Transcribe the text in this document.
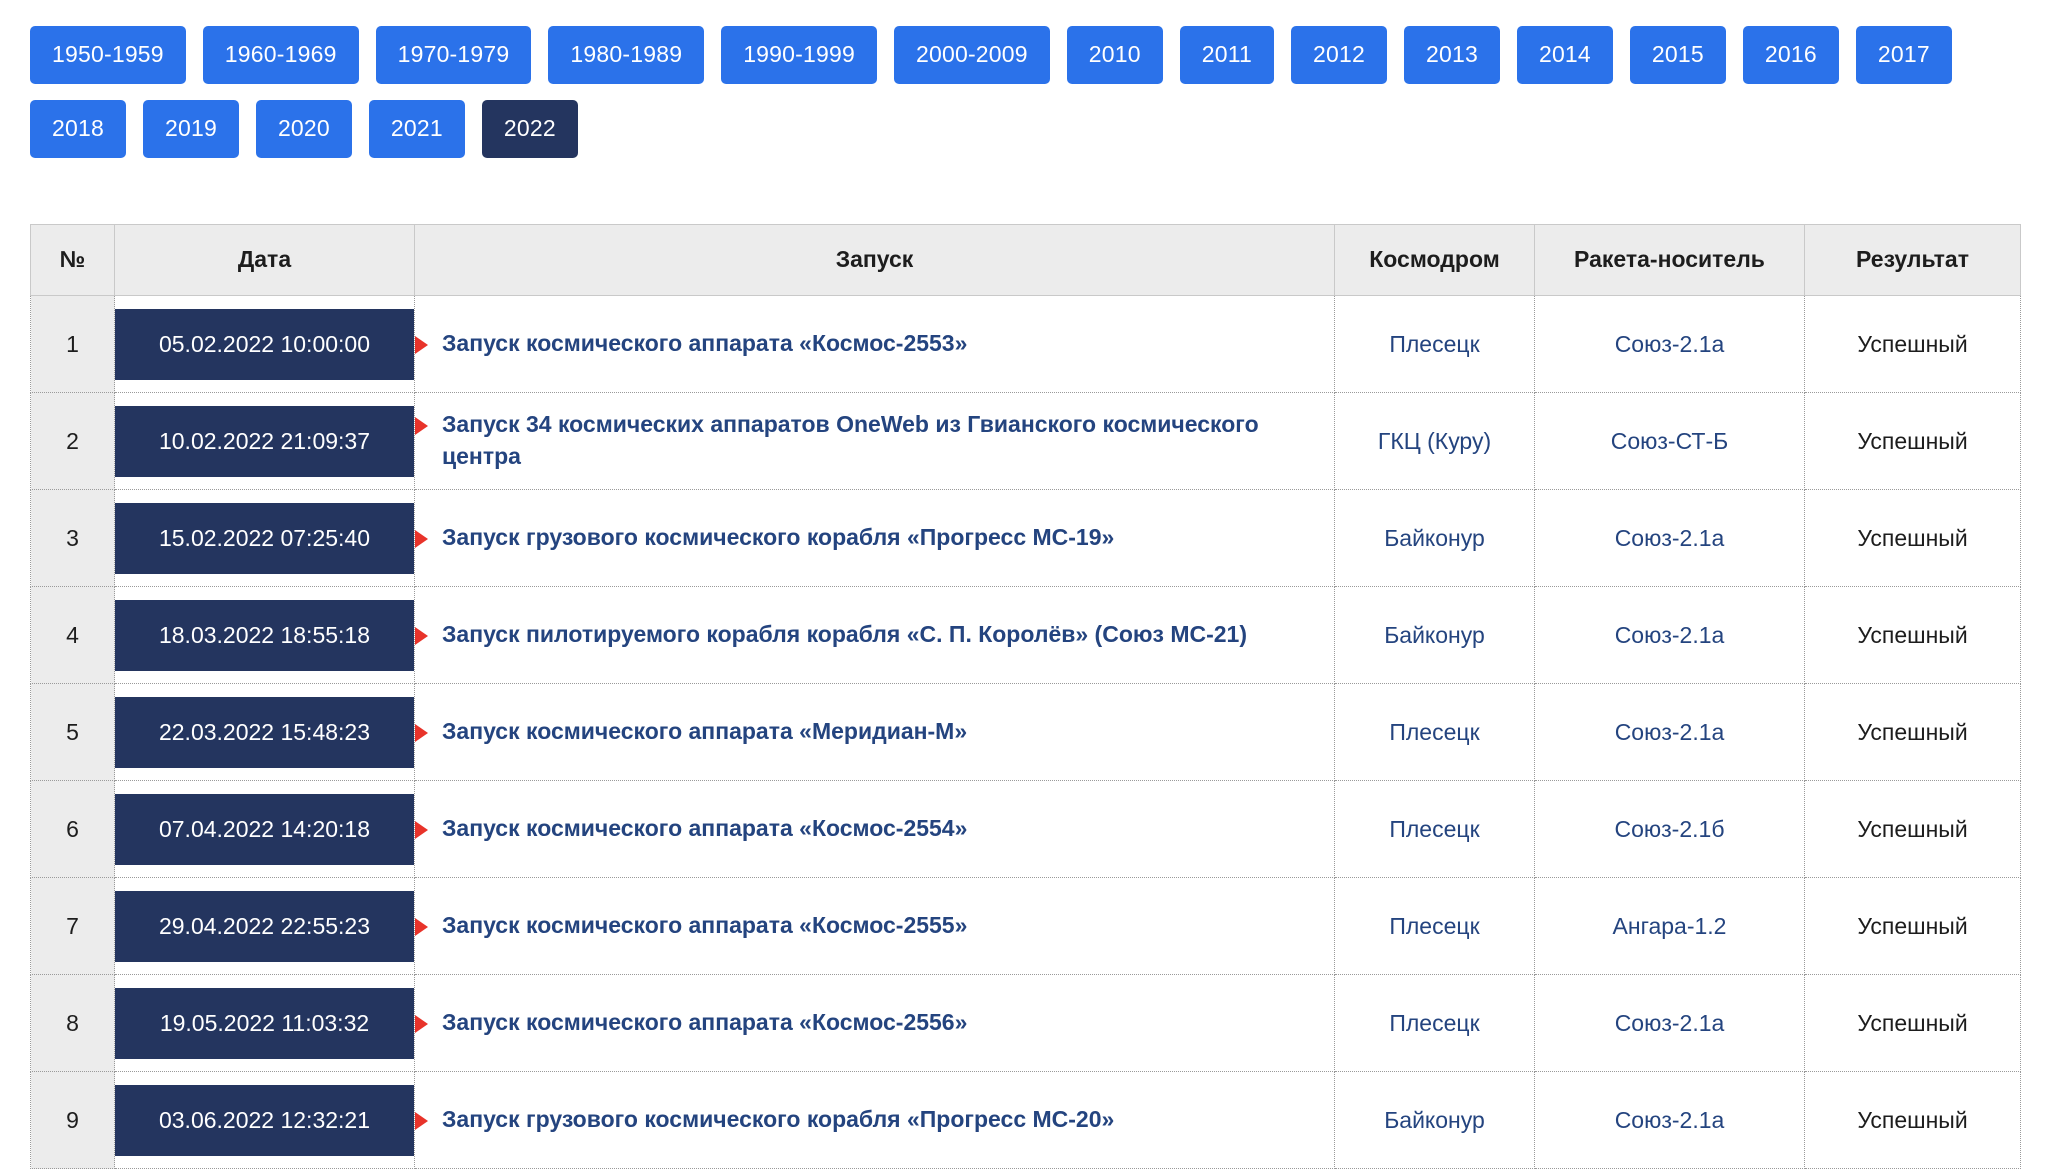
1950-1959	1960-1969	1970-1979	1980-1989	1990-1999	2000-2009	2010	2011	2012	2013	2014	2015	2016	2017
2018	2019	2020	2021	2022
№	Дата	Запуск	Космодром	Ракета-носитель	Результат
1	05.02.2022 10:00:00	Запуск космического аппарата «Космос-2553»	Плесецк	Союз-2.1а	Успешный
2	10.02.2022 21:09:37	Запуск 34 космических аппаратов OneWeb из Гвианского космического центра	ГКЦ (Куру)	Союз-СТ-Б	Успешный
3	15.02.2022 07:25:40	Запуск грузового космического корабля «Прогресс МС-19»	Байконур	Союз-2.1а	Успешный
4	18.03.2022 18:55:18	Запуск пилотируемого корабля корабля «С. П. Королёв» (Союз МС-21)	Байконур	Союз-2.1а	Успешный
5	22.03.2022 15:48:23	Запуск космического аппарата «Меридиан-М»	Плесецк	Союз-2.1а	Успешный
6	07.04.2022 14:20:18	Запуск космического аппарата «Космос-2554»	Плесецк	Союз-2.1б	Успешный
7	29.04.2022 22:55:23	Запуск космического аппарата «Космос-2555»	Плесецк	Ангара-1.2	Успешный
8	19.05.2022 11:03:32	Запуск космического аппарата «Космос-2556»	Плесецк	Союз-2.1а	Успешный
9	03.06.2022 12:32:21	Запуск грузового космического корабля «Прогресс МС-20»	Байконур	Союз-2.1а	Успешный
